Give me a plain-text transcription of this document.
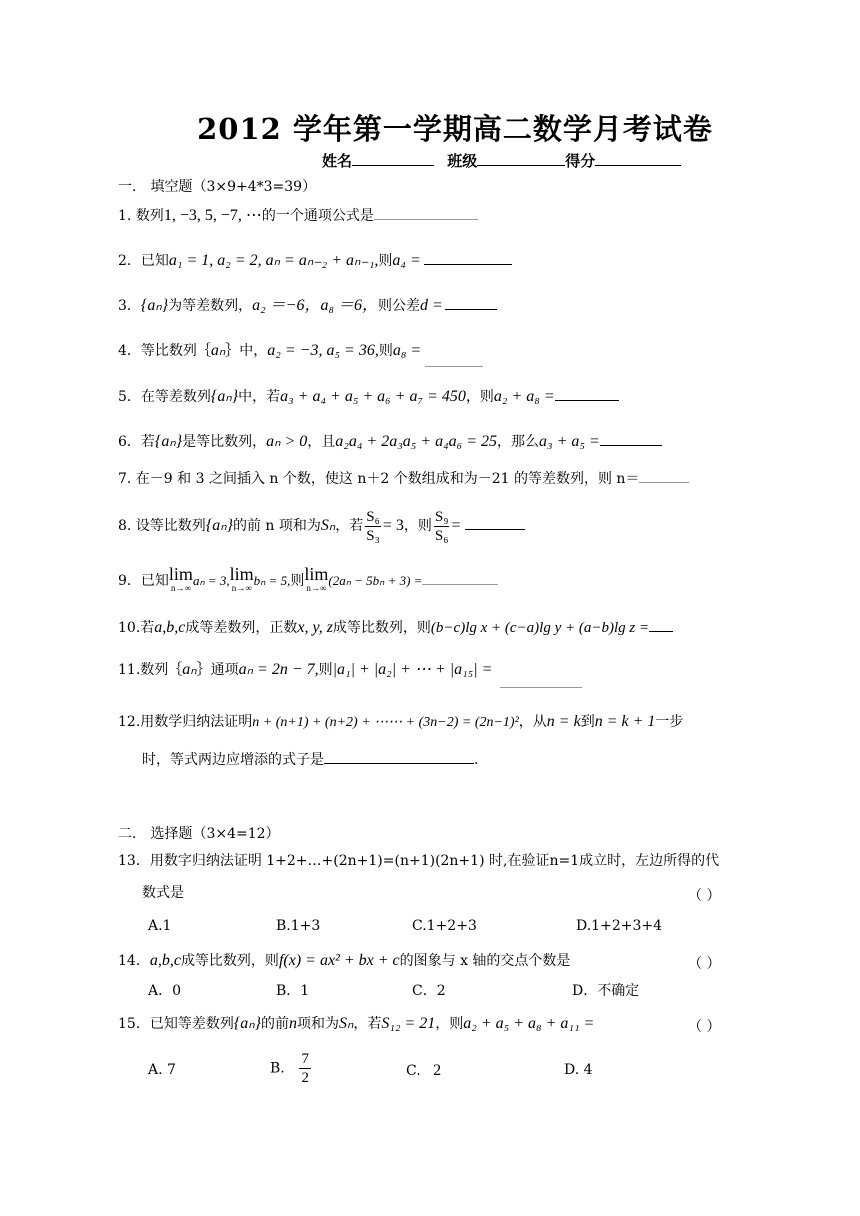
2012 学年第一学期高二数学月考试卷
姓名	班级	得分
一． 填空题（3×9+4*3=39）
1. 数列1, −3, 5, −7, ⋯的一个通项公式是
2．已知a₁ = 1, a₂ = 2, aₙ = aₙ₋₂ + aₙ₋₁,则a₄ =
3．{aₙ}为等差数列，a₂ ＝−6，a₈ ＝6，则公差d =
4．等比数列｛aₙ｝中，a₂ = −3, a₅ = 36,则a₈ =
5．在等差数列{aₙ}中，若a₃ + a₄ + a₅ + a₆ + a₇ = 450，则a₂ + a₈ =
6．若{aₙ}是等比数列，aₙ > 0，且a₂a₄ + 2a₃a₅ + a₄a₆ = 25，那么a₃ + a₅ =
7. 在－9 和 3 之间插入 n 个数，使这 n＋2 个数组成和为－21 的等差数列，则 n＝
8. 设等比数列{aₙ}的前 n 项和为Sₙ，若 $\frac{\text{S₆}}{\text{S₃}} = 3$，则 $\frac{\text{S₉}}{\text{S₆}}$ =
9．已知 lim
n→∞ aₙ = 3, lim
n→∞ bₙ = 5,则 lim
n→∞ (2aₙ − 5bₙ + 3) =
10.若a,b,c成等差数列，正数x, y, z成等比数列，则(b−c)lg x + (c−a)lg y + (a−b)lg z =
11.数列｛aₙ｝通项aₙ = 2n − 7,则|a₁| + |a₂| + ⋯ + |a₁₅| =
12.用数学归纳法证明n + (n+1) + (n+2) + ⋯⋯ + (3n−2) = (2n−1)²，从n = k到n = k + 1一步
时，等式两边应增添的式子是	.
二． 选择题（3×4=12）
13．用数字归纳法证明 1+2+…+(2n+1)=(n+1)(2n+1) 时,在验证n=1成立时，左边所得的代
数式是	（ ）
A.1	B.1+3	C.1+2+3	D.1+2+3+4
14．a,b,c成等比数列，则f(x) = ax² + bx + c的图象与 x 轴的交点个数是	（ ）
A．0	B．1	C．2	D．不确定
15．已知等差数列{aₙ}的前n项和为Sₙ，若S₁₂ = 21，则a₂ + a₅ + a₈ + a₁₁ =	（ ）
A. 7	B. $\frac{7}{2}$	C. 2	D. 4
